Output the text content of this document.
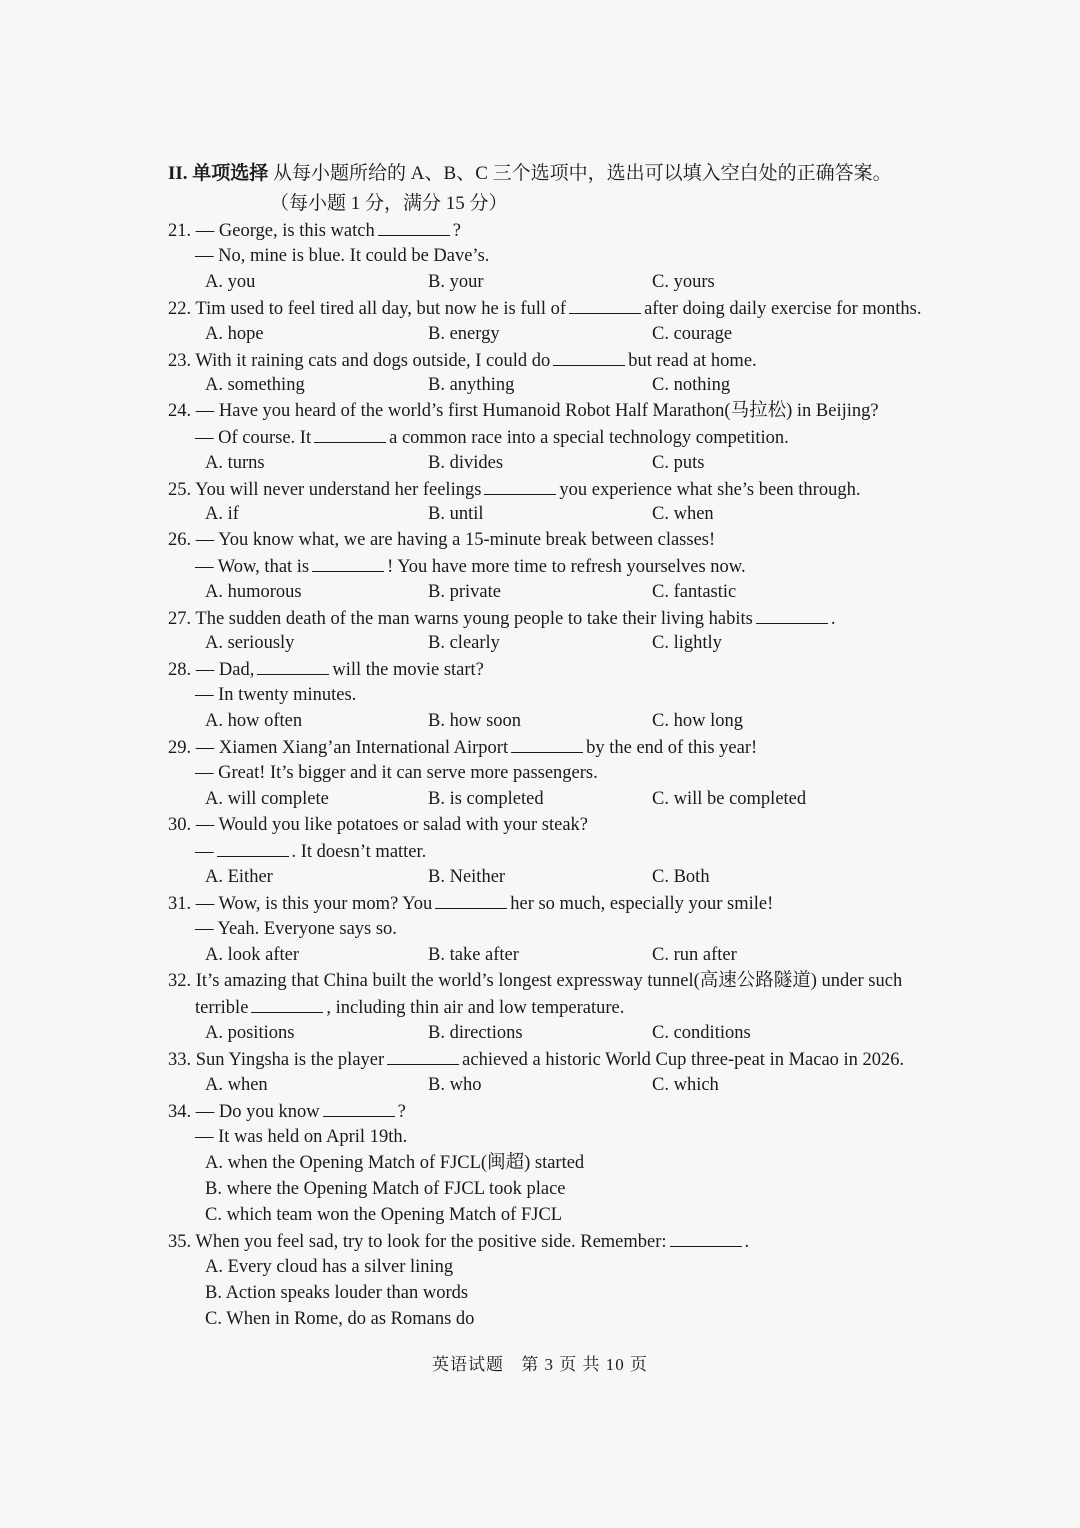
II. 单项选择 从每小题所给的 A、B、C 三个选项中，选出可以填入空白处的正确答案。
（每小题 1 分，满分 15 分）
21. — George, is this watch	?
— No, mine is blue. It could be Dave’s.
A. you	B. your	C. yours
22. Tim used to feel tired all day, but now he is full of	after doing daily exercise for months.
A. hope	B. energy	C. courage
23. With it raining cats and dogs outside, I could do	but read at home.
A. something	B. anything	C. nothing
24. — Have you heard of the world’s first Humanoid Robot Half Marathon(马拉松) in Beijing?
— Of course. It	a common race into a special technology competition.
A. turns	B. divides	C. puts
25. You will never understand her feelings	you experience what she’s been through.
A. if	B. until	C. when
26. — You know what, we are having a 15-minute break between classes!
— Wow, that is	! You have more time to refresh yourselves now.
A. humorous	B. private	C. fantastic
27. The sudden death of the man warns young people to take their living habits	.
A. seriously	B. clearly	C. lightly
28. — Dad,	will the movie start?
— In twenty minutes.
A. how often	B. how soon	C. how long
29. — Xiamen Xiang’an International Airport	by the end of this year!
— Great! It’s bigger and it can serve more passengers.
A. will complete	B. is completed	C. will be completed
30. — Would you like potatoes or salad with your steak?
—	. It doesn’t matter.
A. Either	B. Neither	C. Both
31. — Wow, is this your mom? You	her so much, especially your smile!
— Yeah. Everyone says so.
A. look after	B. take after	C. run after
32. It’s amazing that China built the world’s longest expressway tunnel(高速公路隧道) under such
terrible	, including thin air and low temperature.
A. positions	B. directions	C. conditions
33. Sun Yingsha is the player	achieved a historic World Cup three-peat in Macao in 2026.
A. when	B. who	C. which
34. — Do you know	?
— It was held on April 19th.
A. when the Opening Match of FJCL(闽超) started
B. where the Opening Match of FJCL took place
C. which team won the Opening Match of FJCL
35. When you feel sad, try to look for the positive side. Remember:	.
A. Every cloud has a silver lining
B. Action speaks louder than words
C. When in Rome, do as Romans do
英语试题 第 3 页 共 10 页
